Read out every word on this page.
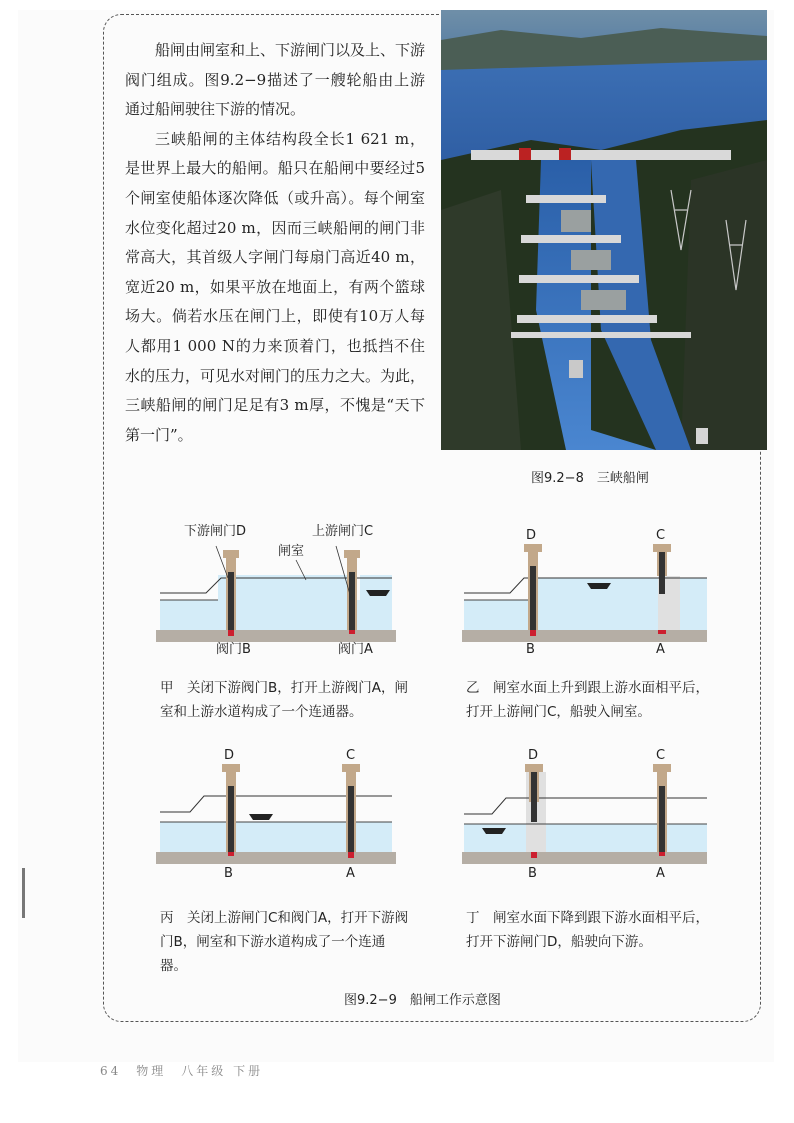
船闸由闸室和上、下游闸门以及上、下游阀门组成。图9.2−9描述了一艘轮船由上游通过船闸驶往下游的情况。

三峡船闸的主体结构段全长1 621 m，是世界上最大的船闸。船只在船闸中要经过5个闸室使船体逐次降低（或升高）。每个闸室水位变化超过20 m，因而三峡船闸的闸门非常高大，其首级人字闸门每扇门高近40 m，宽近20 m，如果平放在地面上，有两个篮球场大。倘若水压在闸门上，即使有10万人每人都用1 000 N的力来顶着门，也抵挡不住水的压力，可见水对闸门的压力之大。为此，三峡船闸的闸门足足有3 m厚，不愧是“天下第一门”。

图9.2−8　三峡船闸
下游闸门D	上游闸门C
闸室
阀门B	阀门A
甲　关闭下游阀门B，打开上游阀门A，闸室和上游水道构成了一个连通器。
D	C
B	A
乙　闸室水面上升到跟上游水面相平后，打开上游闸门C，船驶入闸室。
D	C
B	A
丙　关闭上游闸门C和阀门A，打开下游阀门B，闸室和下游水道构成了一个连通器。
D	C
B	A
丁　闸室水面下降到跟下游水面相平后，打开下游闸门D，船驶向下游。
图9.2−9　船闸工作示意图
64　物理　八年级 下册
